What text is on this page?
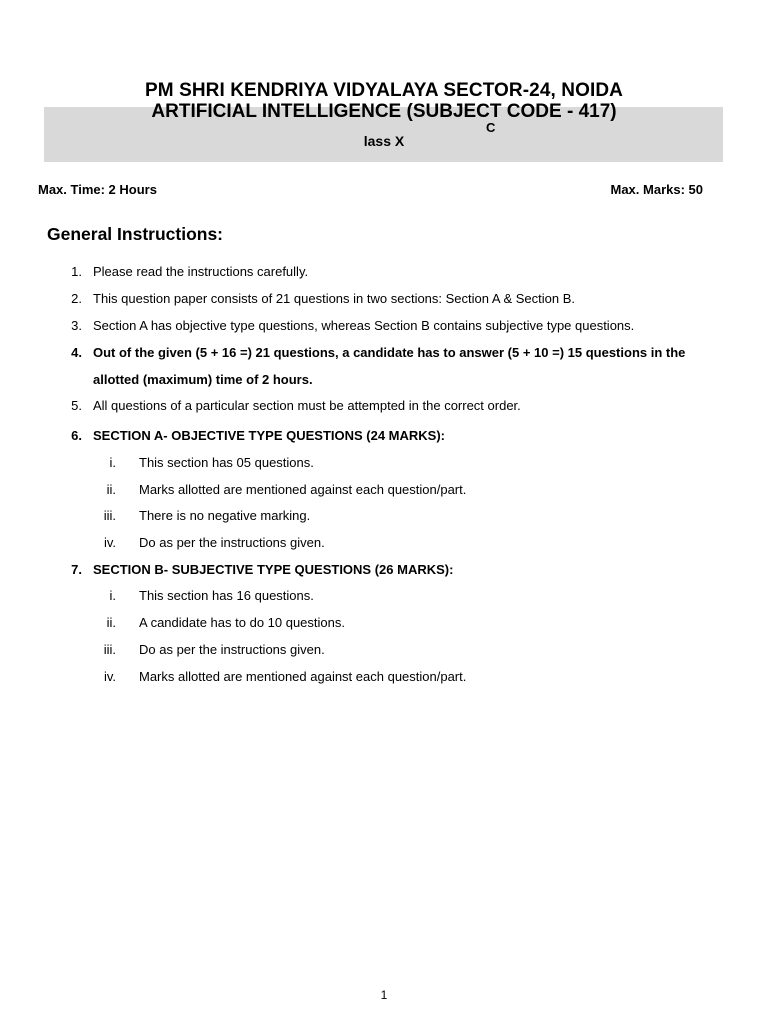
PM SHRI KENDRIYA VIDYALAYA SECTOR-24, NOIDA
ARTIFICIAL INTELLIGENCE (SUBJECT CODE - 417)
C
lass X
Max. Time: 2 Hours	Max. Marks: 50
General Instructions:
1. Please read the instructions carefully.
2. This question paper consists of 21 questions in two sections: Section A & Section B.
3. Section A has objective type questions, whereas Section B contains subjective type questions.
4. Out of the given (5 + 16 =) 21 questions, a candidate has to answer (5 + 10 =) 15 questions in the
allotted (maximum) time of 2 hours.
5. All questions of a particular section must be attempted in the correct order.
6. SECTION A- OBJECTIVE TYPE QUESTIONS (24 MARKS):
i. This section has 05 questions.
ii. Marks allotted are mentioned against each question/part.
iii. There is no negative marking.
iv. Do as per the instructions given.
7. SECTION B- SUBJECTIVE TYPE QUESTIONS (26 MARKS):
i. This section has 16 questions.
ii. A candidate has to do 10 questions.
iii. Do as per the instructions given.
iv. Marks allotted are mentioned against each question/part.
1
